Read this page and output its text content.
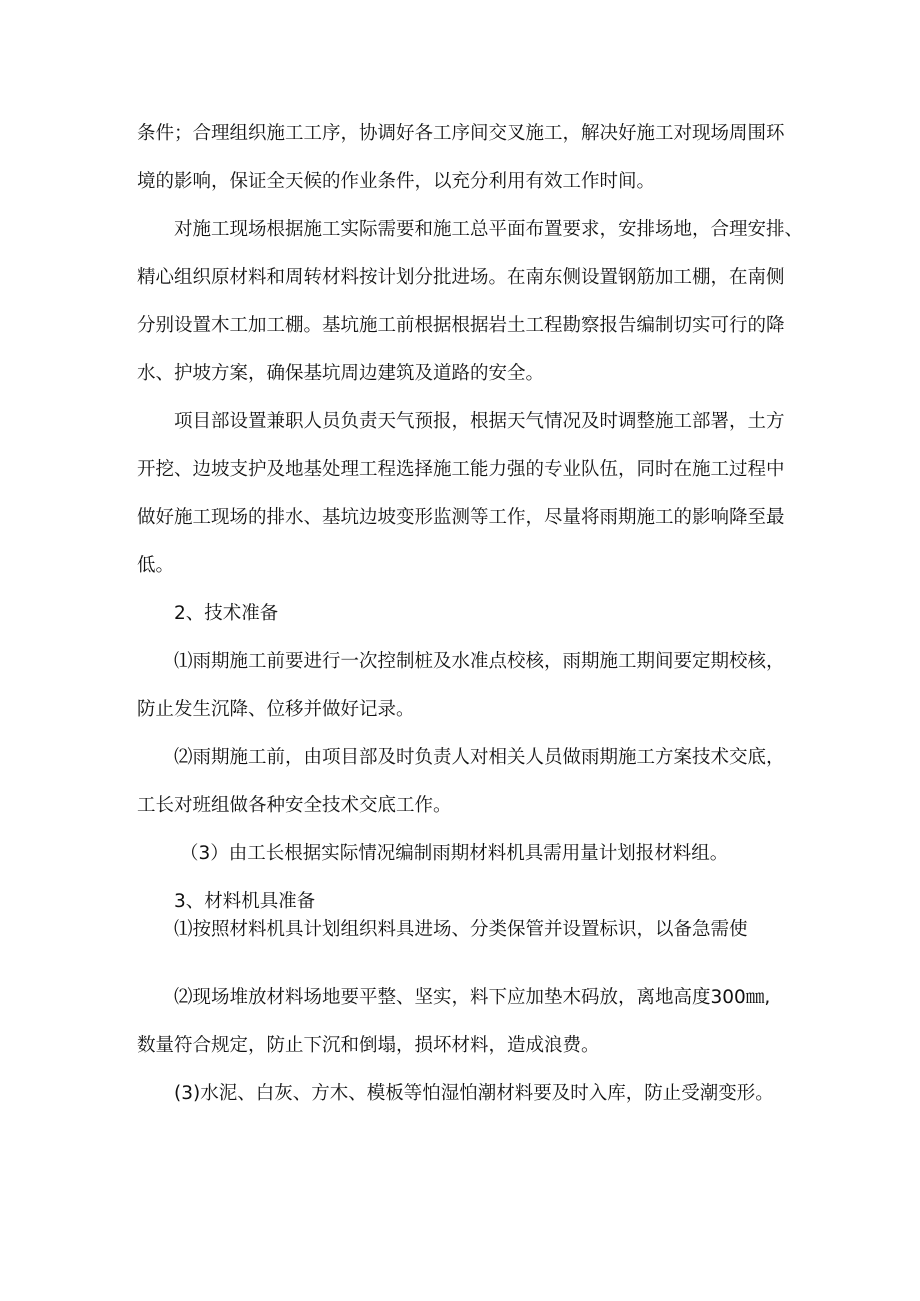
条件；合理组织施工工序，协调好各工序间交叉施工，解决好施工对现场周围环
境的影响，保证全天候的作业条件，以充分利用有效工作时间。
对施工现场根据施工实际需要和施工总平面布置要求，安排场地，合理安排、
精心组织原材料和周转材料按计划分批进场。在南东侧设置钢筋加工棚，在南侧
分别设置木工加工棚。基坑施工前根据根据岩土工程勘察报告编制切实可行的降
水、护坡方案，确保基坑周边建筑及道路的安全。
项目部设置兼职人员负责天气预报，根据天气情况及时调整施工部署，土方
开挖、边坡支护及地基处理工程选择施工能力强的专业队伍，同时在施工过程中
做好施工现场的排水、基坑边坡变形监测等工作，尽量将雨期施工的影响降至最
低。
2、技术准备
⑴雨期施工前要进行一次控制桩及水准点校核，雨期施工期间要定期校核，
防止发生沉降、位移并做好记录。
⑵雨期施工前，由项目部及时负责人对相关人员做雨期施工方案技术交底，
工长对班组做各种安全技术交底工作。
（3）由工长根据实际情况编制雨期材料机具需用量计划报材料组。
3、材料机具准备
⑴按照材料机具计划组织料具进场、分类保管并设置标识，以备急需使
⑵现场堆放材料场地要平整、坚实，料下应加垫木码放，离地高度300㎜,
数量符合规定，防止下沉和倒塌，损坏材料，造成浪费。
(3)水泥、白灰、方木、模板等怕湿怕潮材料要及时入库，防止受潮变形。
